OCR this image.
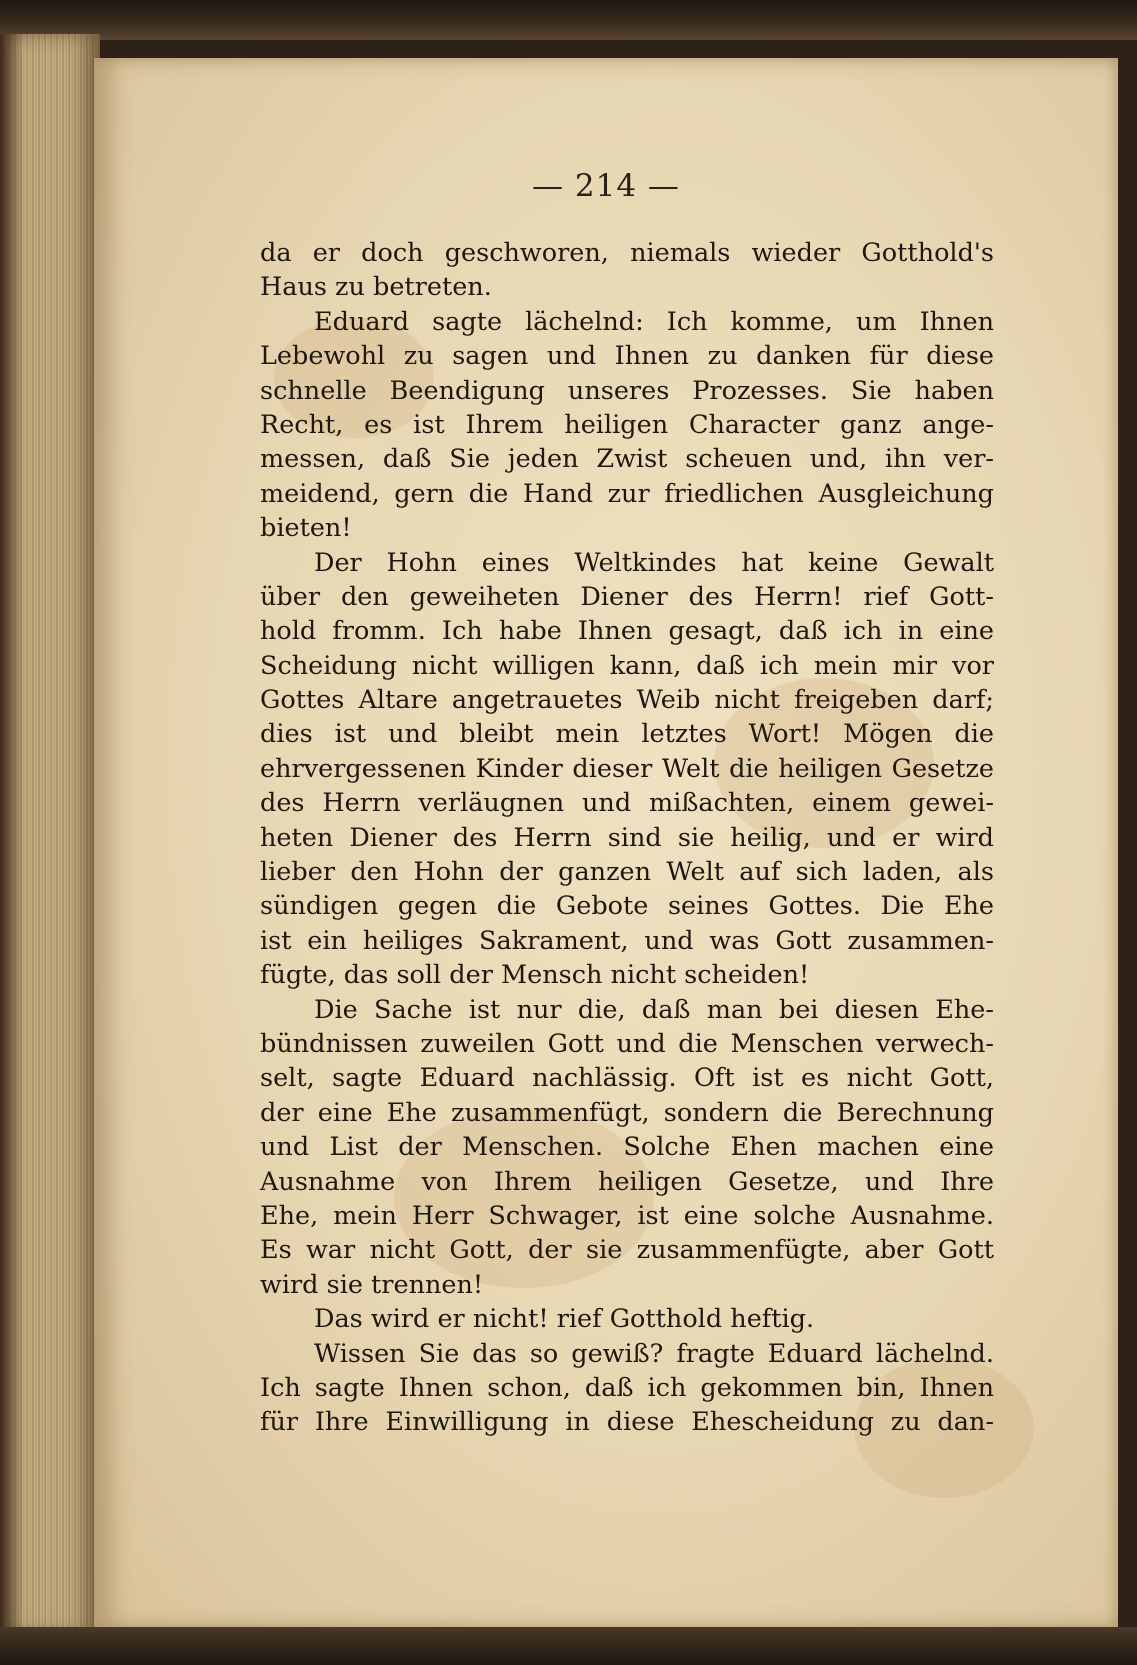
— 214 —
da er doch geschworen, niemals wieder Gotthold's
Haus zu betreten.
Eduard sagte lächelnd: Ich komme, um Ihnen
Lebewohl zu sagen und Ihnen zu danken für diese
schnelle Beendigung unseres Prozesses. Sie haben
Recht, es ist Ihrem heiligen Character ganz ange-
messen, daß Sie jeden Zwist scheuen und, ihn ver-
meidend, gern die Hand zur friedlichen Ausgleichung
bieten!
Der Hohn eines Weltkindes hat keine Gewalt
über den geweiheten Diener des Herrn! rief Gott-
hold fromm. Ich habe Ihnen gesagt, daß ich in eine
Scheidung nicht willigen kann, daß ich mein mir vor
Gottes Altare angetrauetes Weib nicht freigeben darf;
dies ist und bleibt mein letztes Wort! Mögen die
ehrvergessenen Kinder dieser Welt die heiligen Gesetze
des Herrn verläugnen und mißachten, einem gewei-
heten Diener des Herrn sind sie heilig, und er wird
lieber den Hohn der ganzen Welt auf sich laden, als
sündigen gegen die Gebote seines Gottes. Die Ehe
ist ein heiliges Sakrament, und was Gott zusammen-
fügte, das soll der Mensch nicht scheiden!
Die Sache ist nur die, daß man bei diesen Ehe-
bündnissen zuweilen Gott und die Menschen verwech-
selt, sagte Eduard nachlässig. Oft ist es nicht Gott,
der eine Ehe zusammenfügt, sondern die Berechnung
und List der Menschen. Solche Ehen machen eine
Ausnahme von Ihrem heiligen Gesetze, und Ihre
Ehe, mein Herr Schwager, ist eine solche Ausnahme.
Es war nicht Gott, der sie zusammenfügte, aber Gott
wird sie trennen!
Das wird er nicht! rief Gotthold heftig.
Wissen Sie das so gewiß? fragte Eduard lächelnd.
Ich sagte Ihnen schon, daß ich gekommen bin, Ihnen
für Ihre Einwilligung in diese Ehescheidung zu dan-
